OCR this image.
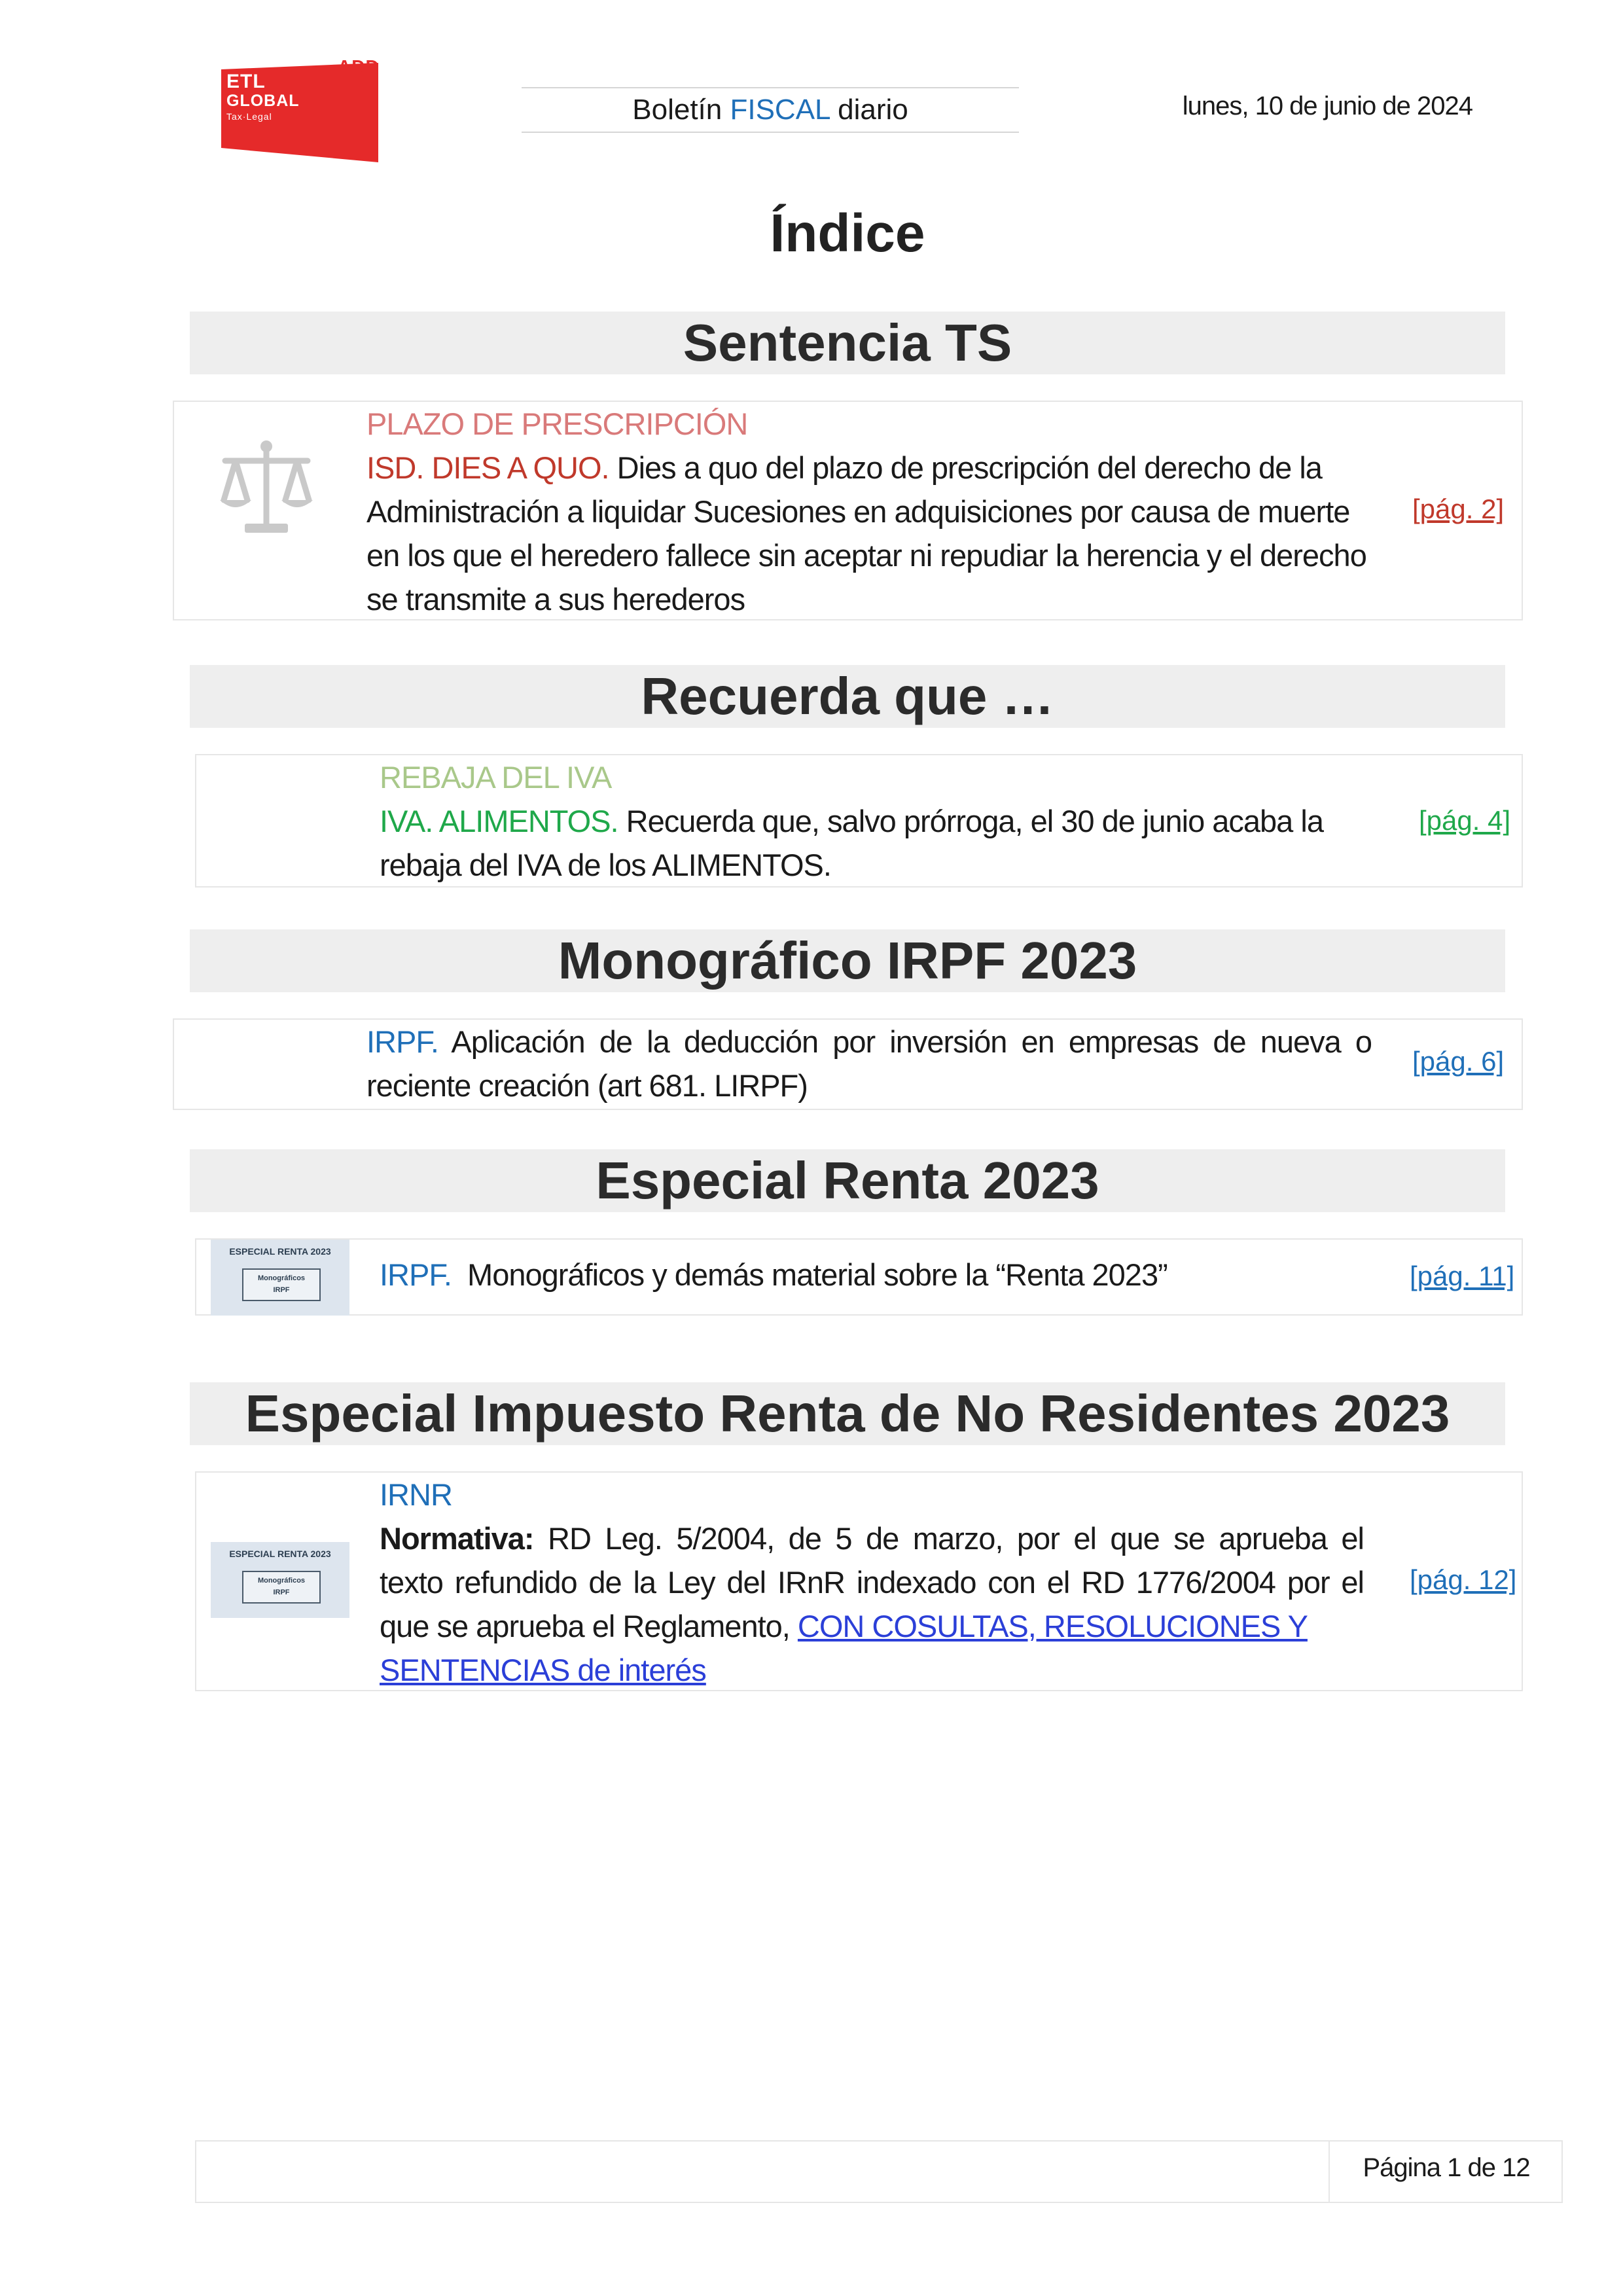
ETL
GLOBAL
Tax·Legal
ADD
Boletín FISCAL diario	lunes, 10 de junio de 2024
Índice
Sentencia TS
PLAZO DE PRESCRIPCIÓN
ISD. DIES A QUO. Dies a quo del plazo de prescripción del derecho de la
Administración a liquidar Sucesiones en adquisiciones por causa de muerte
en los que el heredero fallece sin aceptar ni repudiar la herencia y el derecho
se transmite a sus herederos
[pág. 2]
Recuerda que …
REBAJA DEL IVA
IVA. ALIMENTOS. Recuerda que, salvo prórroga, el 30 de junio acaba la
rebaja del IVA de los ALIMENTOS.
[pág. 4]
Monográfico IRPF 2023
IRPF. Aplicación de la deducción por inversión en empresas de nueva o
reciente creación (art 681. LIRPF)
[pág. 6]
Especial Renta 2023
ESPECIAL RENTA 2023
Monográficos
IRPF	IRPF.  Monográficos y demás material sobre la “Renta 2023”	[pág. 11]
Especial Impuesto Renta de No Residentes 2023
ESPECIAL RENTA 2023
Monográficos
IRPF
IRNR
Normativa: RD Leg. 5/2004, de 5 de marzo, por el que se aprueba el
texto refundido de la Ley del IRnR indexado con el RD 1776/2004 por el
que se aprueba el Reglamento, CON COSULTAS, RESOLUCIONES Y
SENTENCIAS de interés
[pág. 12]
Página 1 de 12
